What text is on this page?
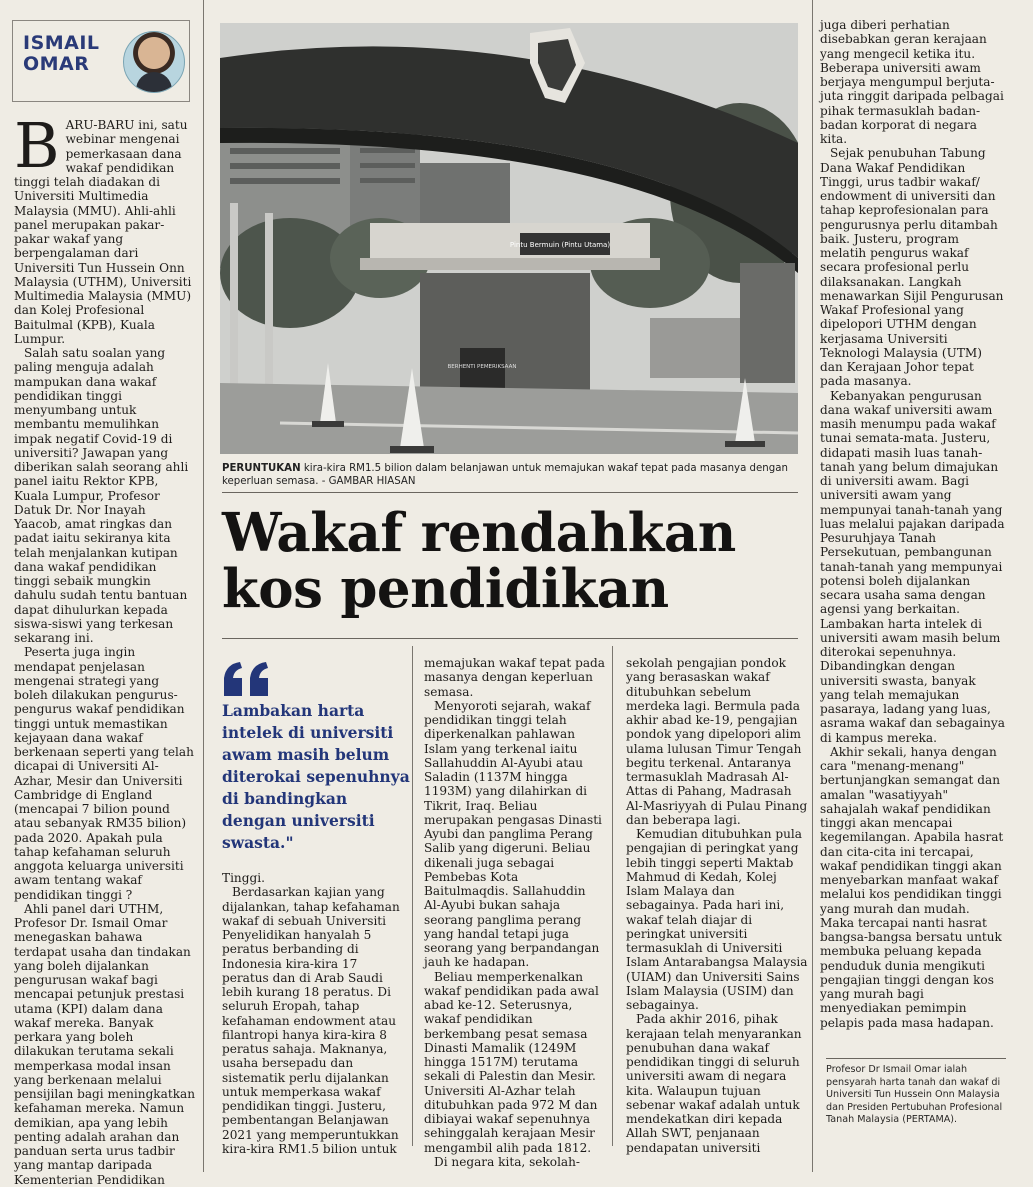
ISMAIL OMAR

BARU-BARU ini, satu webinar mengenai pemerkasaan dana wakaf pendidikan tinggi telah diadakan di Universiti Multimedia Malaysia (MMU). Ahli-ahli panel merupakan pakar-pakar wakaf yang berpengalaman dari Universiti Tun Hussein Onn Malaysia (UTHM), Universiti Multimedia Malaysia (MMU) dan Kolej Profesional Baitulmal (KPB), Kuala Lumpur.

Salah satu soalan yang paling menguja adalah mampukan dana wakaf pendidikan tinggi menyumbang untuk membantu memulihkan impak negatif Covid-19 di universiti? Jawapan yang diberikan salah seorang ahli panel iaitu Rektor KPB, Kuala Lumpur, Profesor Datuk Dr. Nor Inayah Yaacob, amat ringkas dan padat iaitu sekiranya kita telah menjalankan kutipan dana wakaf pendidikan tinggi sebaik mungkin dahulu sudah tentu bantuan dapat dihulurkan kepada siswa-siswi yang terkesan sekarang ini.

Peserta juga ingin mendapat penjelasan mengenai strategi yang boleh dilakukan pengurus-pengurus wakaf pendidikan tinggi untuk memastikan kejayaan dana wakaf berkenaan seperti yang telah dicapai di Universiti Al-Azhar, Mesir dan Universiti Cambridge di England (mencapai 7 bilion pound atau sebanyak RM35 bilion) pada 2020. Apakah pula tahap kefahaman seluruh anggota keluarga universiti awam tentang wakaf pendidikan tinggi ?

Ahli panel dari UTHM, Profesor Dr. Ismail Omar menegaskan bahawa terdapat usaha dan tindakan yang boleh dijalankan pengurusan wakaf bagi mencapai petunjuk prestasi utama (KPI) dalam dana wakaf mereka. Banyak perkara yang boleh dilakukan terutama sekali memperkasa modal insan yang berkenaan melalui pensijilan bagi meningkatkan kefahaman mereka. Namun demikian, apa yang lebih penting adalah arahan dan panduan serta urus tadbir yang mantap daripada Kementerian Pendidikan

Pintu Bermuin (Pintu Utama)
BERHENTI PEMERIKSAAN
PERUNTUKAN kira-kira RM1.5 bilion dalam belanjawan untuk memajukan wakaf tepat pada masanya dengan keperluan semasa. - GAMBAR HIASAN
Wakaf rendahkan kos pendidikan
Lambakan harta intelek di universiti awam masih belum diterokai sepenuhnya di bandingkan dengan universiti swasta."

Tinggi.

Berdasarkan kajian yang dijalankan, tahap kefahaman wakaf di sebuah Universiti Penyelidikan hanyalah 5 peratus berbanding di Indonesia kira-kira 17 peratus dan di Arab Saudi lebih kurang 18 peratus. Di seluruh Eropah, tahap kefahaman endowment atau filantropi hanya kira-kira 8 peratus sahaja. Maknanya, usaha bersepadu dan sistematik perlu dijalankan untuk memperkasa wakaf pendidikan tinggi. Justeru, pembentangan Belanjawan 2021 yang memperuntukkan kira-kira RM1.5 bilion untuk

memajukan wakaf tepat pada masanya dengan keperluan semasa.

Menyoroti sejarah, wakaf pendidikan tinggi telah diperkenalkan pahlawan Islam yang terkenal iaitu Sallahuddin Al-Ayubi atau Saladin (1137M hingga 1193M) yang dilahirkan di Tikrit, Iraq. Beliau merupakan pengasas Dinasti Ayubi dan panglima Perang Salib yang digeruni. Beliau dikenali juga sebagai Pembebas Kota Baitulmaqdis. Sallahuddin Al-Ayubi bukan sahaja seorang panglima perang yang handal tetapi juga seorang yang berpandangan jauh ke hadapan.

Beliau memperkenalkan wakaf pendidikan pada awal abad ke-12. Seterusnya, wakaf pendidikan berkembang pesat semasa Dinasti Mamalik (1249M hingga 1517M) terutama sekali di Palestin dan Mesir. Universiti Al-Azhar telah ditubuhkan pada 972 M dan dibiayai wakaf sepenuhnya sehinggalah kerajaan Mesir mengambil alih pada 1812.

Di negara kita, sekolah-

sekolah pengajian pondok yang berasaskan wakaf ditubuhkan sebelum merdeka lagi. Bermula pada akhir abad ke-19, pengajian pondok yang dipelopori alim ulama lulusan Timur Tengah begitu terkenal. Antaranya termasuklah Madrasah Al-Attas di Pahang, Madrasah Al-Masriyyah di Pulau Pinang dan beberapa lagi.

Kemudian ditubuhkan pula pengajian di peringkat yang lebih tinggi seperti Maktab Mahmud di Kedah, Kolej Islam Malaya dan sebagainya. Pada hari ini, wakaf telah diajar di peringkat universiti termasuklah di Universiti Islam Antarabangsa Malaysia (UIAM) dan Universiti Sains Islam Malaysia (USIM) dan sebagainya.

Pada akhir 2016, pihak kerajaan telah menyarankan penubuhan dana wakaf pendidikan tinggi di seluruh universiti awam di negara kita. Walaupun tujuan sebenar wakaf adalah untuk mendekatkan diri kepada Allah SWT, penjanaan pendapatan universiti

juga diberi perhatian disebabkan geran kerajaan yang mengecil ketika itu. Beberapa universiti awam berjaya mengumpul berjuta-juta ringgit daripada pelbagai pihak termasuklah badan-badan korporat di negara kita.

Sejak penubuhan Tabung Dana Wakaf Pendidikan Tinggi, urus tadbir wakaf/ endowment di universiti dan tahap keprofesionalan para pengurusnya perlu ditambah baik. Justeru, program melatih pengurus wakaf secara profesional perlu dilaksanakan. Langkah menawarkan Sijil Pengurusan Wakaf Profesional yang dipelopori UTHM dengan kerjasama Universiti Teknologi Malaysia (UTM) dan Kerajaan Johor tepat pada masanya.

Kebanyakan pengurusan dana wakaf universiti awam masih menumpu pada wakaf tunai semata-mata. Justeru, didapati masih luas tanah-tanah yang belum dimajukan di universiti awam. Bagi universiti awam yang mempunyai tanah-tanah yang luas melalui pajakan daripada Pesuruhjaya Tanah Persekutuan, pembangunan tanah-tanah yang mempunyai potensi boleh dijalankan secara usaha sama dengan agensi yang berkaitan. Lambakan harta intelek di universiti awam masih belum diterokai sepenuhnya. Dibandingkan dengan universiti swasta, banyak yang telah memajukan pasaraya, ladang yang luas, asrama wakaf dan sebagainya di kampus mereka.

Akhir sekali, hanya dengan cara "menang-menang" bertunjangkan semangat dan amalan "wasatiyyah" sahajalah wakaf pendidikan tinggi akan mencapai kegemilangan. Apabila hasrat dan cita-cita ini tercapai, wakaf pendidikan tinggi akan menyebarkan manfaat wakaf melalui kos pendidikan tinggi yang murah dan mudah. Maka tercapai nanti hasrat bangsa-bangsa bersatu untuk membuka peluang kepada penduduk dunia mengikuti pengajian tinggi dengan kos yang murah bagi menyediakan pemimpin pelapis pada masa hadapan.

Profesor Dr Ismail Omar ialah pensyarah harta tanah dan wakaf di Universiti Tun Hussein Onn Malaysia dan Presiden Pertubuhan Profesional Tanah Malaysia (PERTAMA).
